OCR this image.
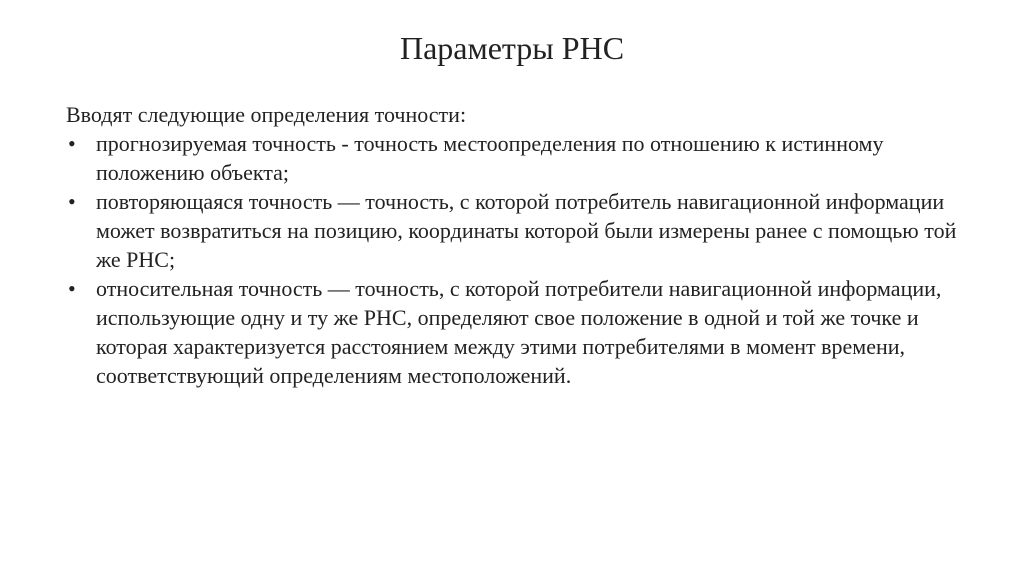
Параметры РНС

Вводят следующие определения точности:

• прогнозируемая точность - точность местоопределения по отношению к истинному положению объекта;
• повторяющаяся точность — точность, с которой потребитель навигационной информации может возвратиться на позицию, координаты которой были измерены ранее с помощью той же РНС;
• относительная точность — точность, с которой потребители навигационной информации, использующие одну и ту же РНС, определяют свое положение в одной и той же точке и которая характеризуется расстоянием между этими потребителями в момент времени, соответствующий определениям местоположений.
